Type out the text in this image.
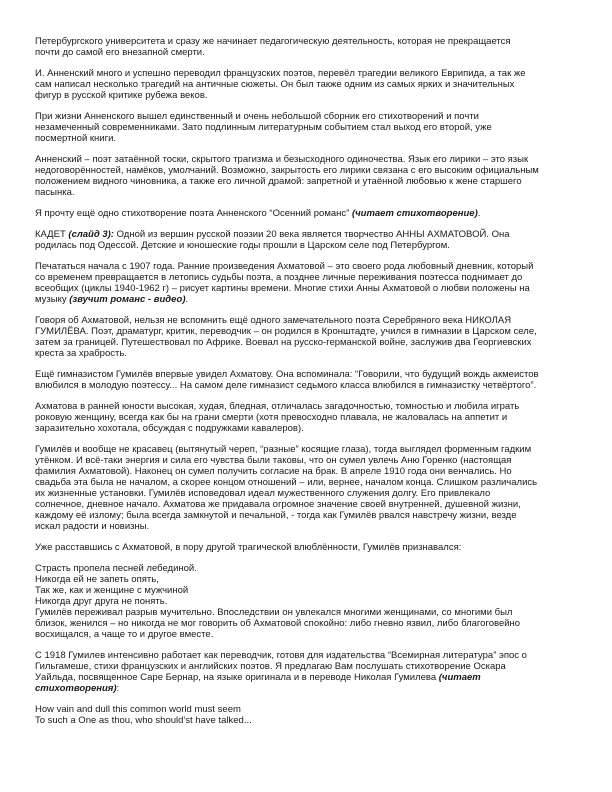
Петербургского университета и сразу же начинает педагогическую деятельность, которая не прекращается
почти до самой его внезапной смерти.
И. Анненский много и успешно переводил французских поэтов, перевёл трагедии великого Еврипида, а так же
сам написал несколько трагедий на античные сюжеты. Он был также одним из самых ярких и значительных
фигур в русской критике рубежа веков.
При жизни Анненского вышел единственный и очень небольшой сборник его стихотворений и почти
незамеченный современниками. Зато подлинным литературным событием стал выход его второй, уже
посмертной книги.
Анненский – поэт затаённой тоски, скрытого трагизма и безысходного одиночества. Язык его лирики – это язык
недоговорённостей, намёков, умолчаний. Возможно, закрытость его лирики связана с его высоким официальным
положением видного чиновника, а также его личной драмой: запретной и утаённой любовью к жене старшего
пасынка.
Я прочту ещё одно стихотворение поэта Анненского “Осенний романс” (читает стихотворение).
КАДЕТ (слайд 3): Одной из вершин русской поэзии 20 века является творчество АННЫ АХМАТОВОЙ. Она
родилась под Одессой. Детские и юношеские годы прошли в Царском селе под Петербургом.
Печататься начала с 1907 года. Ранние произведения Ахматовой – это своего рода любовный дневник, который
со временем превращается в летопись судьбы поэта, а позднее личные переживания поэтесса поднимает до
всеобщих (циклы 1940-1962 г) – рисует картины времени. Многие стихи Анны Ахматовой о любви положены на
музыку (звучит романс - видео).
Говоря об Ахматовой, нельзя не вспомнить ещё одного замечательного поэта Серебряного века НИКОЛАЯ
ГУМИЛЁВА. Поэт, драматург, критик, переводчик – он родился в Кронштадте, учился в гимназии в Царском селе,
затем за границей. Путешествовал по Африке. Воевал на русско-германской войне, заслужив два Георгиевских
креста за храбрость.
Ещё гимназистом Гумилёв впервые увидел Ахматову. Она вспоминала: “Говорили, что будущий вождь акмеистов
влюбился в молодую поэтессу... На самом деле гимназист седьмого класса влюбился в гимназистку четвёртого”.
Ахматова в ранней юности высокая, худая, бледная, отличалась загадочностью, томностью и любила играть
роковую женщину, всегда как бы на грани смерти (хотя превосходно плавала, не жаловалась на аппетит и
заразительно хохотала, обсуждая с подружками кавалеров).
Гумилёв и вообще не красавец (вытянутый череп, “разные” косящие глаза), тогда выглядел форменным гадким
утёнком. И всё-таки энергия и сила его чувства были таковы, что он сумел увлечь Аню Горенко (настоящая
фамилия Ахматовой). Наконец он сумел получить согласие на брак. В апреле 1910 года они венчались. Но
свадьба эта была не началом, а скорее концом отношений – или, вернее, началом конца. Слишком различались
их жизненные установки. Гумилёв исповедовал идеал мужественного служения долгу. Его привлекало
солнечное, дневное начало. Ахматова же придавала огромное значение своей внутренней, душевной жизни,
каждому её излому; была всегда замкнутой и печальной, - тогда как Гумилёв рвался навстречу жизни, везде
искал радости и новизны.
Уже расставшись с Ахматовой, в пору другой трагической влюблённости, Гумилёв признавался:
Страсть пропела песней лебединой.
Никогда ей не запеть опять,
Так же, как и женщине с мужчиной
Никогда друг друга не понять.
Гумилёв переживал разрыв мучительно. Впоследствии он увлекался многими женщинами, со многими был
близок, женился – но никогда не мог говорить об Ахматовой спокойно: либо гневно язвил, либо благоговейно
восхищался, а чаще то и другое вместе.
С 1918 Гумилев интенсивно работает как переводчик, готовя для издательства “Всемирная литература” эпос о
Гильгамеше, стихи французских и английских поэтов. Я предлагаю Вам послушать стихотворение Оскара
Уайльда, посвященное Саре Бернар, на языке оригинала и в переводе Николая Гумилева (читает
стихотворения):
How vain and dull this common world must seem
To such a One as thou, who should'st have talked...
